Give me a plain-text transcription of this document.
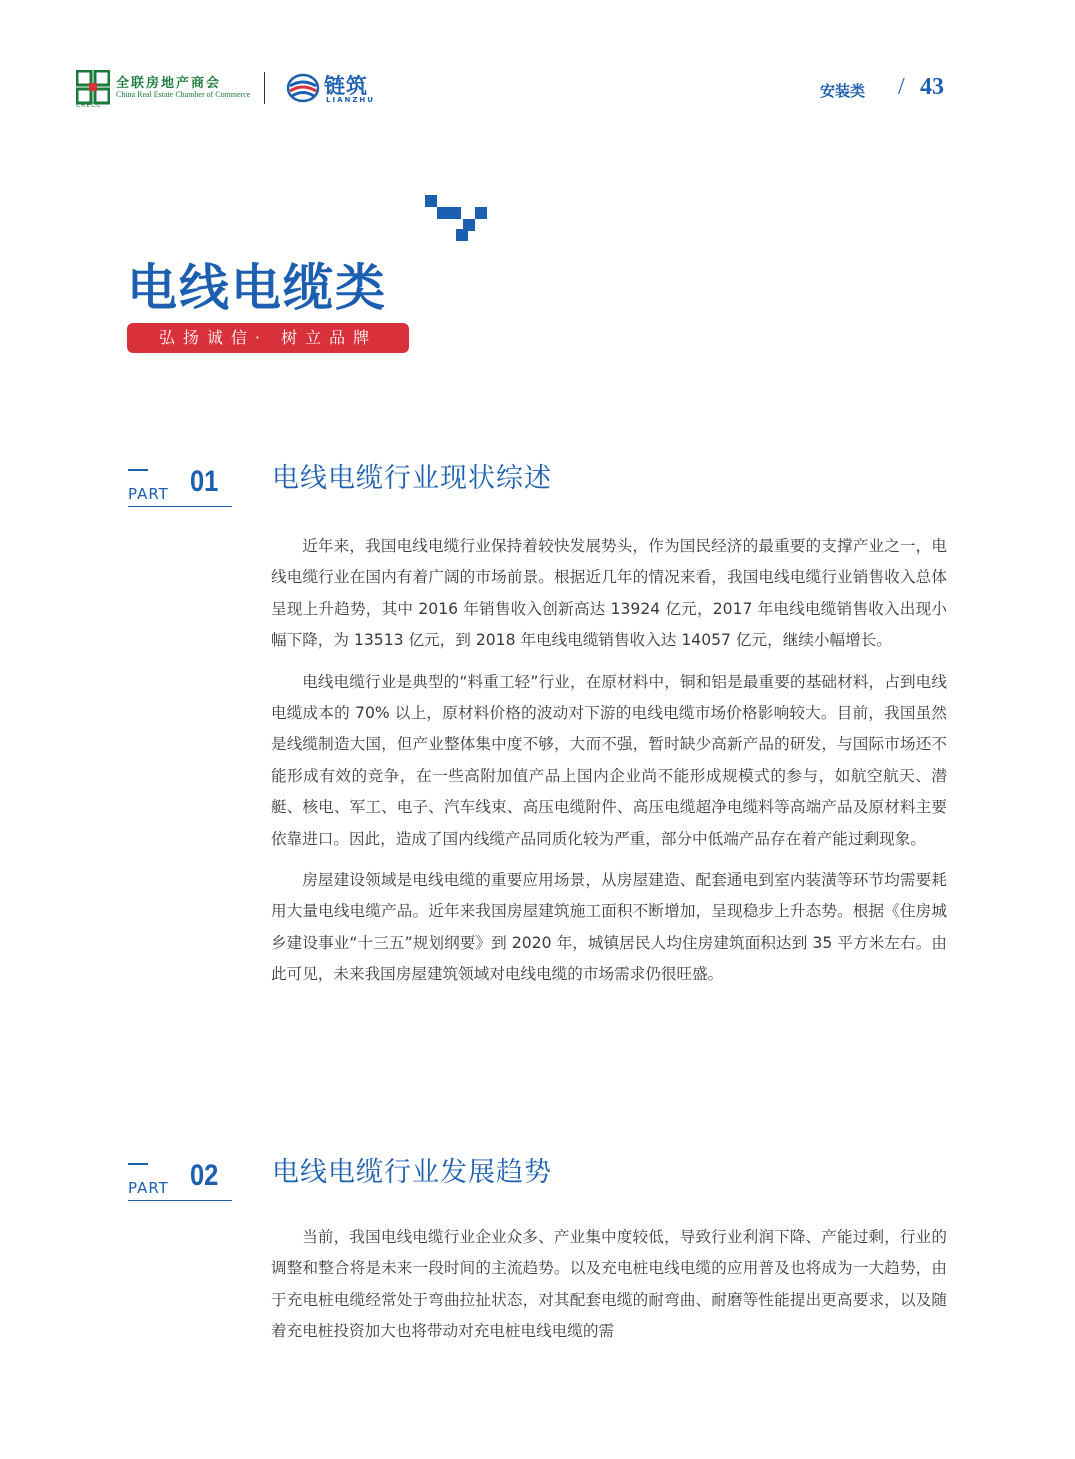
CRECC
全联房地产商会
China Real Estate Chamber of Commerce	链筑
LIANZHU	安装类 / 43
电线电缆类
弘扬诚信· 树立品牌
PART 01 电线电缆行业现状综述

近年来，我国电线电缆行业保持着较快发展势头，作为国民经济的最重要的支撑产业之一，电线电缆行业在国内有着广阔的市场前景。根据近几年的情况来看，我国电线电缆行业销售收入总体呈现上升趋势，其中 2016 年销售收入创新高达 13924 亿元，2017 年电线电缆销售收入出现小幅下降，为 13513 亿元，到 2018 年电线电缆销售收入达 14057 亿元，继续小幅增长。

电线电缆行业是典型的“料重工轻”行业，在原材料中，铜和铝是最重要的基础材料，占到电线电缆成本的 70% 以上，原材料价格的波动对下游的电线电缆市场价格影响较大。目前，我国虽然是线缆制造大国，但产业整体集中度不够，大而不强，暂时缺少高新产品的研发，与国际市场还不能形成有效的竞争，在一些高附加值产品上国内企业尚不能形成规模式的参与，如航空航天、潜艇、核电、军工、电子、汽车线束、高压电缆附件、高压电缆超净电缆料等高端产品及原材料主要依靠进口。因此，造成了国内线缆产品同质化较为严重，部分中低端产品存在着产能过剩现象。

房屋建设领域是电线电缆的重要应用场景，从房屋建造、配套通电到室内装潢等环节均需要耗用大量电线电缆产品。近年来我国房屋建筑施工面积不断增加，呈现稳步上升态势。根据《住房城乡建设事业“十三五”规划纲要》到 2020 年，城镇居民人均住房建筑面积达到 35 平方米左右。由此可见，未来我国房屋建筑领域对电线电缆的市场需求仍很旺盛。

PART 02 电线电缆行业发展趋势

当前，我国电线电缆行业企业众多、产业集中度较低，导致行业利润下降、产能过剩，行业的调整和整合将是未来一段时间的主流趋势。以及充电桩电线电缆的应用普及也将成为一大趋势，由于充电桩电缆经常处于弯曲拉扯状态，对其配套电缆的耐弯曲、耐磨等性能提出更高要求，以及随着充电桩投资加大也将带动对充电桩电线电缆的需
